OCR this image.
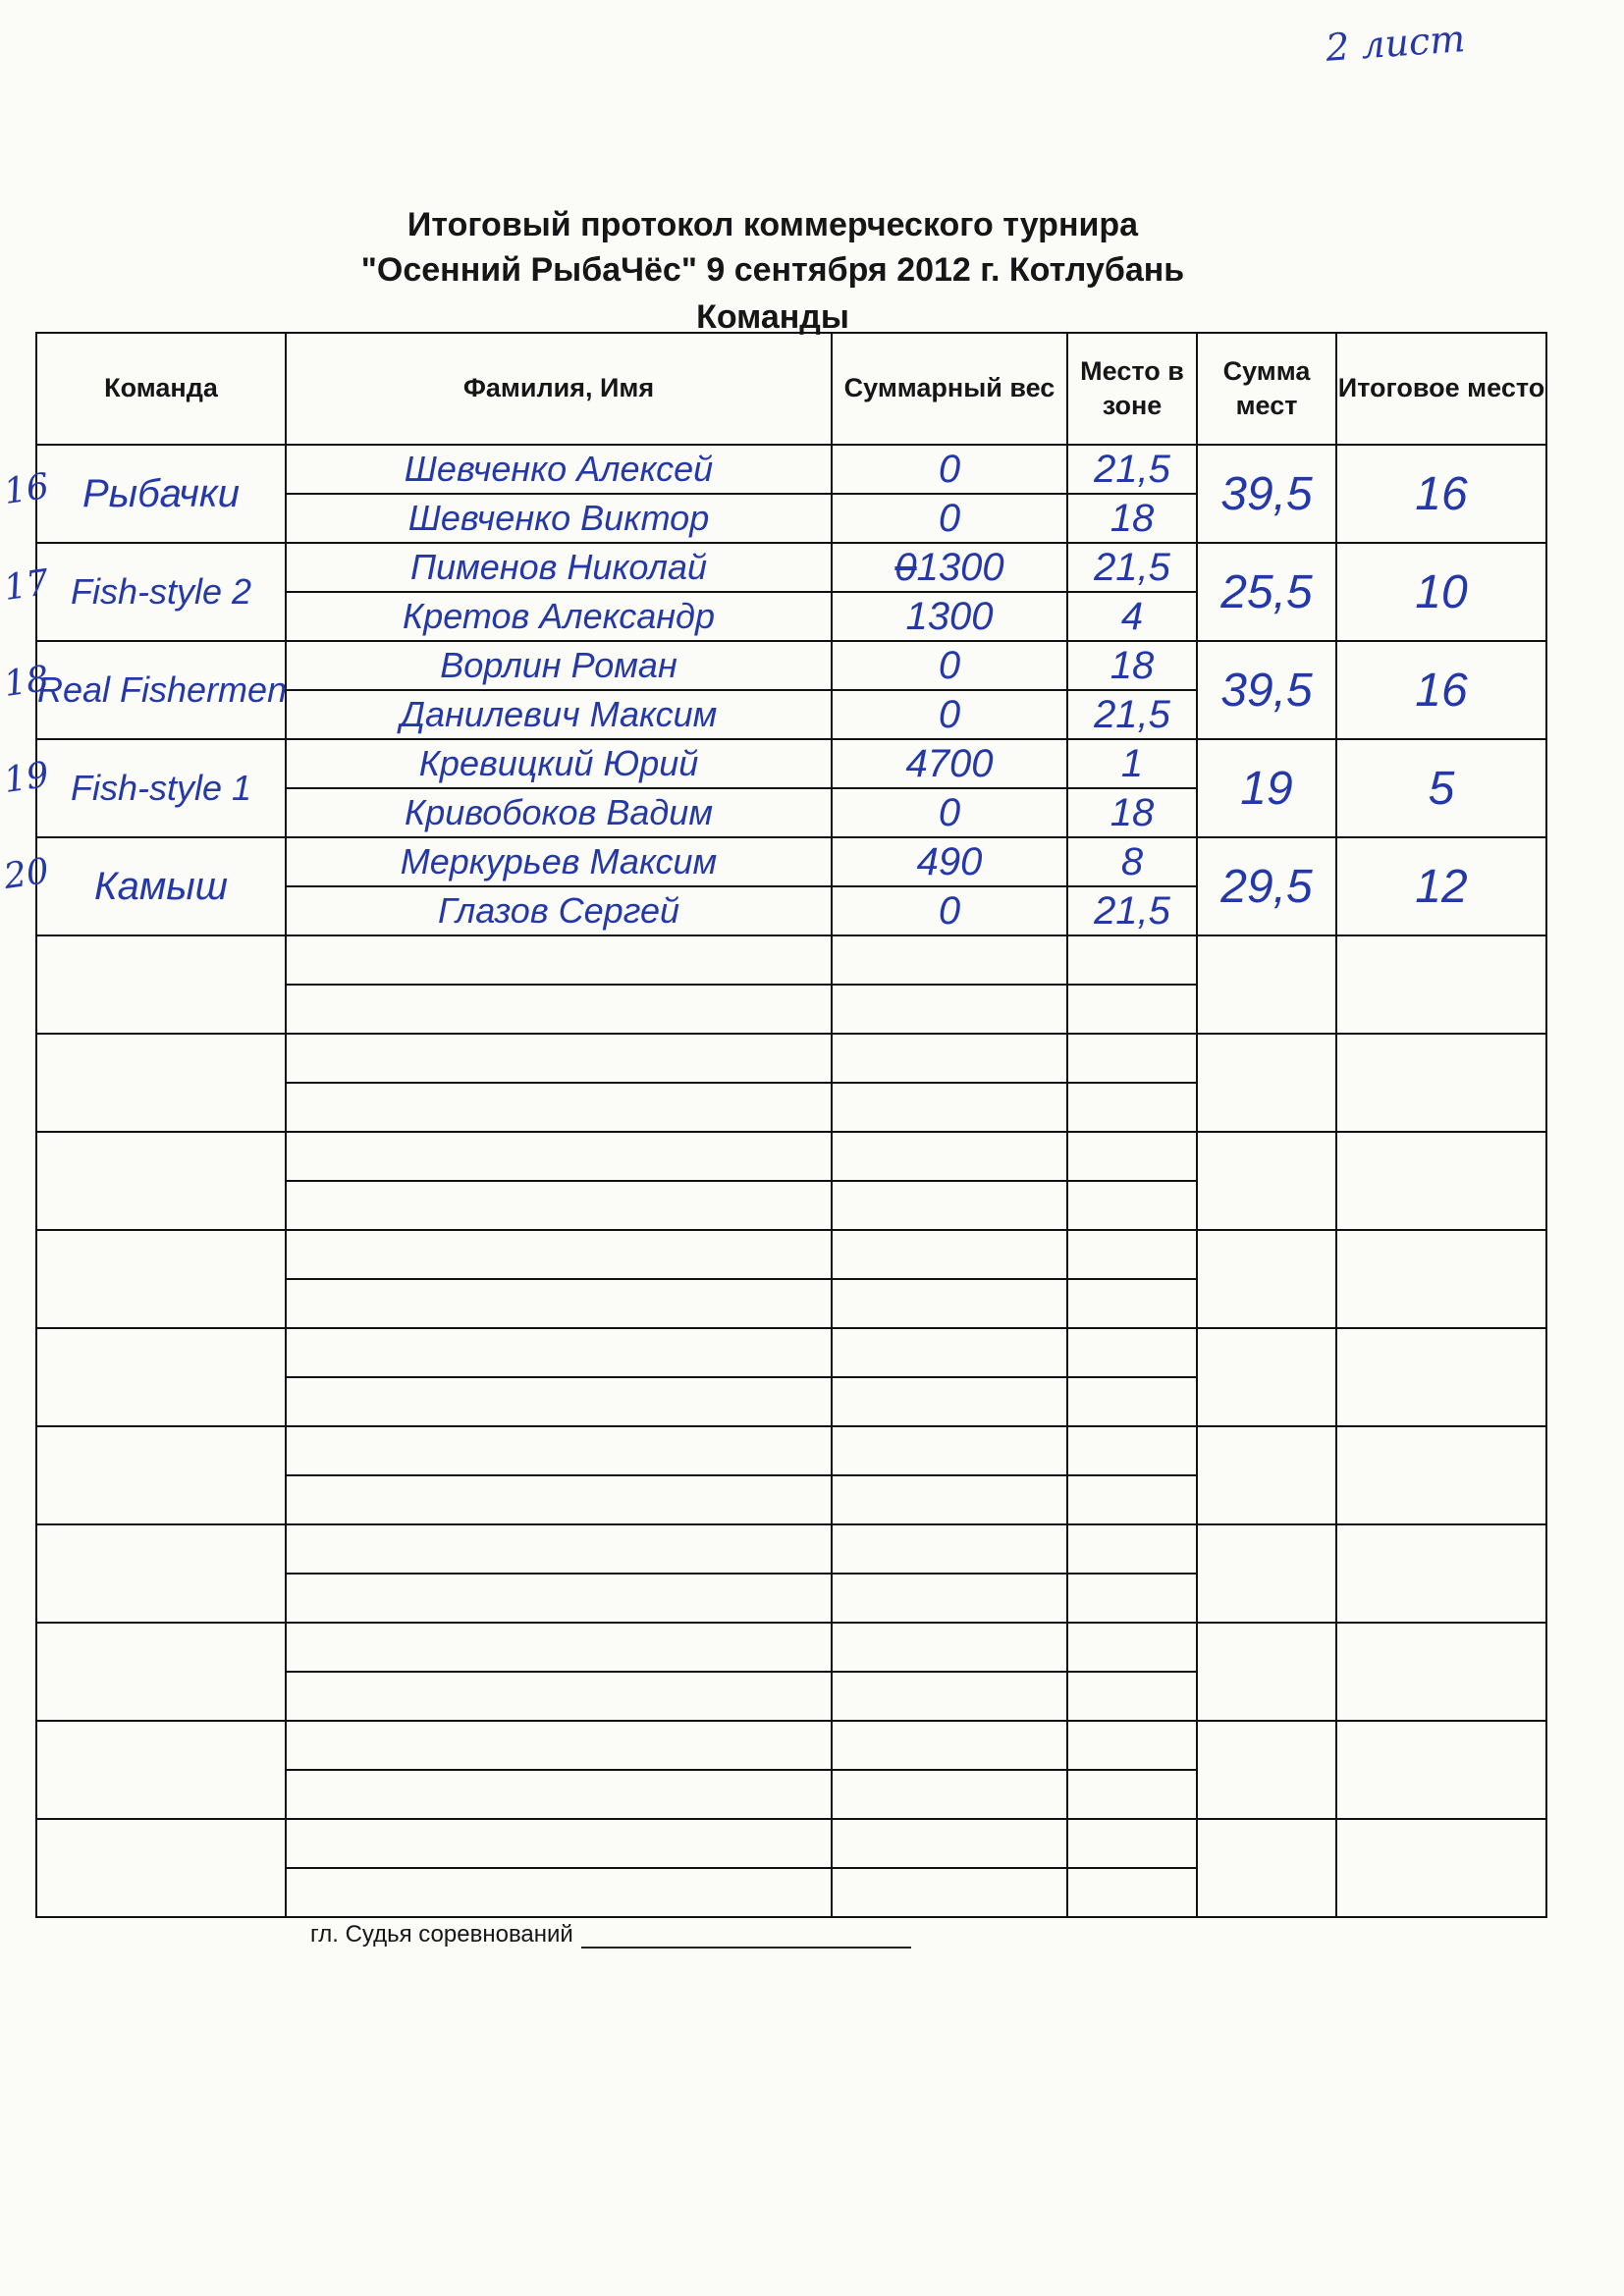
2 лист
Итоговый протокол коммерческого турнира
"Осенний РыбаЧёс" 9 сентября 2012 г. Котлубань
Команды
Команда	Фамилия, Имя	Суммарный вес	Место в зоне	Сумма мест	Итоговое место
Рыбачки	Шевченко Алексей	0	21,5	39,5	16
	Шевченко Виктор	0	18		
Fish-style 2	Пименов Николай	01300	21,5	25,5	10
	Кретов Александр	1300	4		
Real Fishermen	Ворлин Роман	0	18	39,5	16
	Данилевич Максим	0	21,5		
Fish-style 1	Кревицкий Юрий	4700	1	19	5
	Кривобоков Вадим	0	18		
Камыш	Меркурьев Максим	490	8	29,5	12
	Глазов Сергей	0	21,5		

16
17
18
19
20
гл. Судья соревнований
